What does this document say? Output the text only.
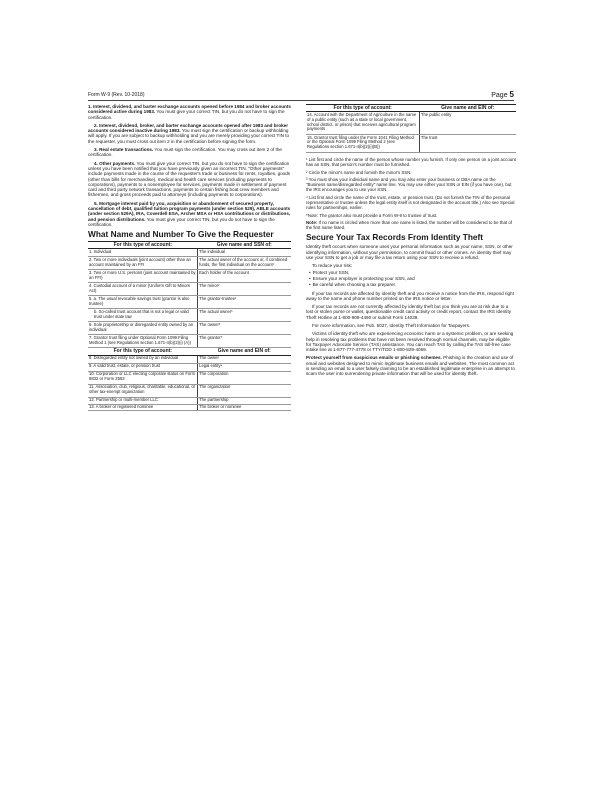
Form W-9 (Rev. 10-2018)	Page 5

1. Interest, dividend, and barter exchange accounts opened before 1984 and broker accounts considered active during 1983. You must give your correct TIN, but you do not have to sign the certification.

2. Interest, dividend, broker, and barter exchange accounts opened after 1983 and broker accounts considered inactive during 1983. You must sign the certification or backup withholding will apply. If you are subject to backup withholding and you are merely providing your correct TIN to the requester, you must cross out item 2 in the certification before signing the form.

3. Real estate transactions. You must sign the certification. You may cross out item 2 of the certification.

4. Other payments. You must give your correct TIN, but you do not have to sign the certification unless you have been notified that you have previously given an incorrect TIN. "Other payments" include payments made in the course of the requester's trade or business for rents, royalties, goods (other than bills for merchandise), medical and health care services (including payments to corporations), payments to a nonemployee for services, payments made in settlement of payment card and third party network transactions, payments to certain fishing boat crew members and fishermen, and gross proceeds paid to attorneys (including payments to corporations).

5. Mortgage interest paid by you, acquisition or abandonment of secured property, cancellation of debt, qualified tuition program payments (under section 529), ABLE accounts (under section 529A), IRA, Coverdell ESA, Archer MSA or HSA contributions or distributions, and pension distributions. You must give your correct TIN, but you do not have to sign the certification.

What Name and Number To Give the Requester
For this type of account:	Give name and SSN of:
1. Individual	The individual
2. Two or more individuals (joint account) other than an account maintained by an FFI	The actual owner of the account or, if combined funds, the first individual on the account¹
3. Two or more U.S. persons (joint account maintained by an FFI)	Each holder of the account
4. Custodial account of a minor (Uniform Gift to Minors Act)	The minor²
5. a. The usual revocable savings trust (grantor is also trustee)	The grantor-trustee¹
b. So-called trust account that is not a legal or valid trust under state law	The actual owner¹
6. Sole proprietorship or disregarded entity owned by an individual	The owner³
7. Grantor trust filing under Optional Form 1099 Filing Method 1 (see Regulations section 1.671-4(b)(2)(i) (A))	The grantor*
For this type of account:	Give name and EIN of:
8. Disregarded entity not owned by an individual	The owner
9. A valid trust, estate, or pension trust	Legal entity⁴
10. Corporation or LLC electing corporate status on Form 8832 or Form 2553	The corporation
11. Association, club, religious, charitable, educational, or other tax-exempt organization	The organization
12. Partnership or multi-member LLC	The partnership
13. A broker or registered nominee	The broker or nominee
For this type of account:	Give name and EIN of:
14. Account with the Department of Agriculture in the name of a public entity (such as a state or local government, school district, or prison) that receives agricultural program payments	The public entity
15. Grantor trust filing under the Form 1041 Filing Method or the Optional Form 1099 Filing Method 2 (see Regulations section 1.671-4(b)(2)(i)(B))	The trust

¹ List first and circle the name of the person whose number you furnish. If only one person on a joint account has an SSN, that person's number must be furnished.

² Circle the minor's name and furnish the minor's SSN.

³ You must show your individual name and you may also enter your business or DBA name on the "Business name/disregarded entity" name line. You may use either your SSN or EIN (if you have one), but the IRS encourages you to use your SSN.

⁴ List first and circle the name of the trust, estate, or pension trust. (Do not furnish the TIN of the personal representative or trustee unless the legal entity itself is not designated in the account title.) Also see Special rules for partnerships, earlier.

*Note: The grantor also must provide a Form W-9 to trustee of trust.

Note: If no name is circled when more than one name is listed, the number will be considered to be that of the first name listed.

Secure Your Tax Records From Identity Theft

Identity theft occurs when someone uses your personal information such as your name, SSN, or other identifying information, without your permission, to commit fraud or other crimes. An identity thief may use your SSN to get a job or may file a tax return using your SSN to receive a refund.

To reduce your risk:

• Protect your SSN,
• Ensure your employer is protecting your SSN, and
• Be careful when choosing a tax preparer.

If your tax records are affected by identity theft and you receive a notice from the IRS, respond right away to the name and phone number printed on the IRS notice or letter.

If your tax records are not currently affected by identity theft but you think you are at risk due to a lost or stolen purse or wallet, questionable credit card activity or credit report, contact the IRS Identity Theft Hotline at 1-800-908-4490 or submit Form 14039.

For more information, see Pub. 5027, Identity Theft Information for Taxpayers.

Victims of identity theft who are experiencing economic harm or a systemic problem, or are seeking help in resolving tax problems that have not been resolved through normal channels, may be eligible for Taxpayer Advocate Service (TAS) assistance. You can reach TAS by calling the TAS toll-free case intake line at 1-877-777-4778 or TTY/TDD 1-800-829-4059.

Protect yourself from suspicious emails or phishing schemes. Phishing is the creation and use of email and websites designed to mimic legitimate business emails and websites. The most common act is sending an email to a user falsely claiming to be an established legitimate enterprise in an attempt to scam the user into surrendering private information that will be used for identity theft.
